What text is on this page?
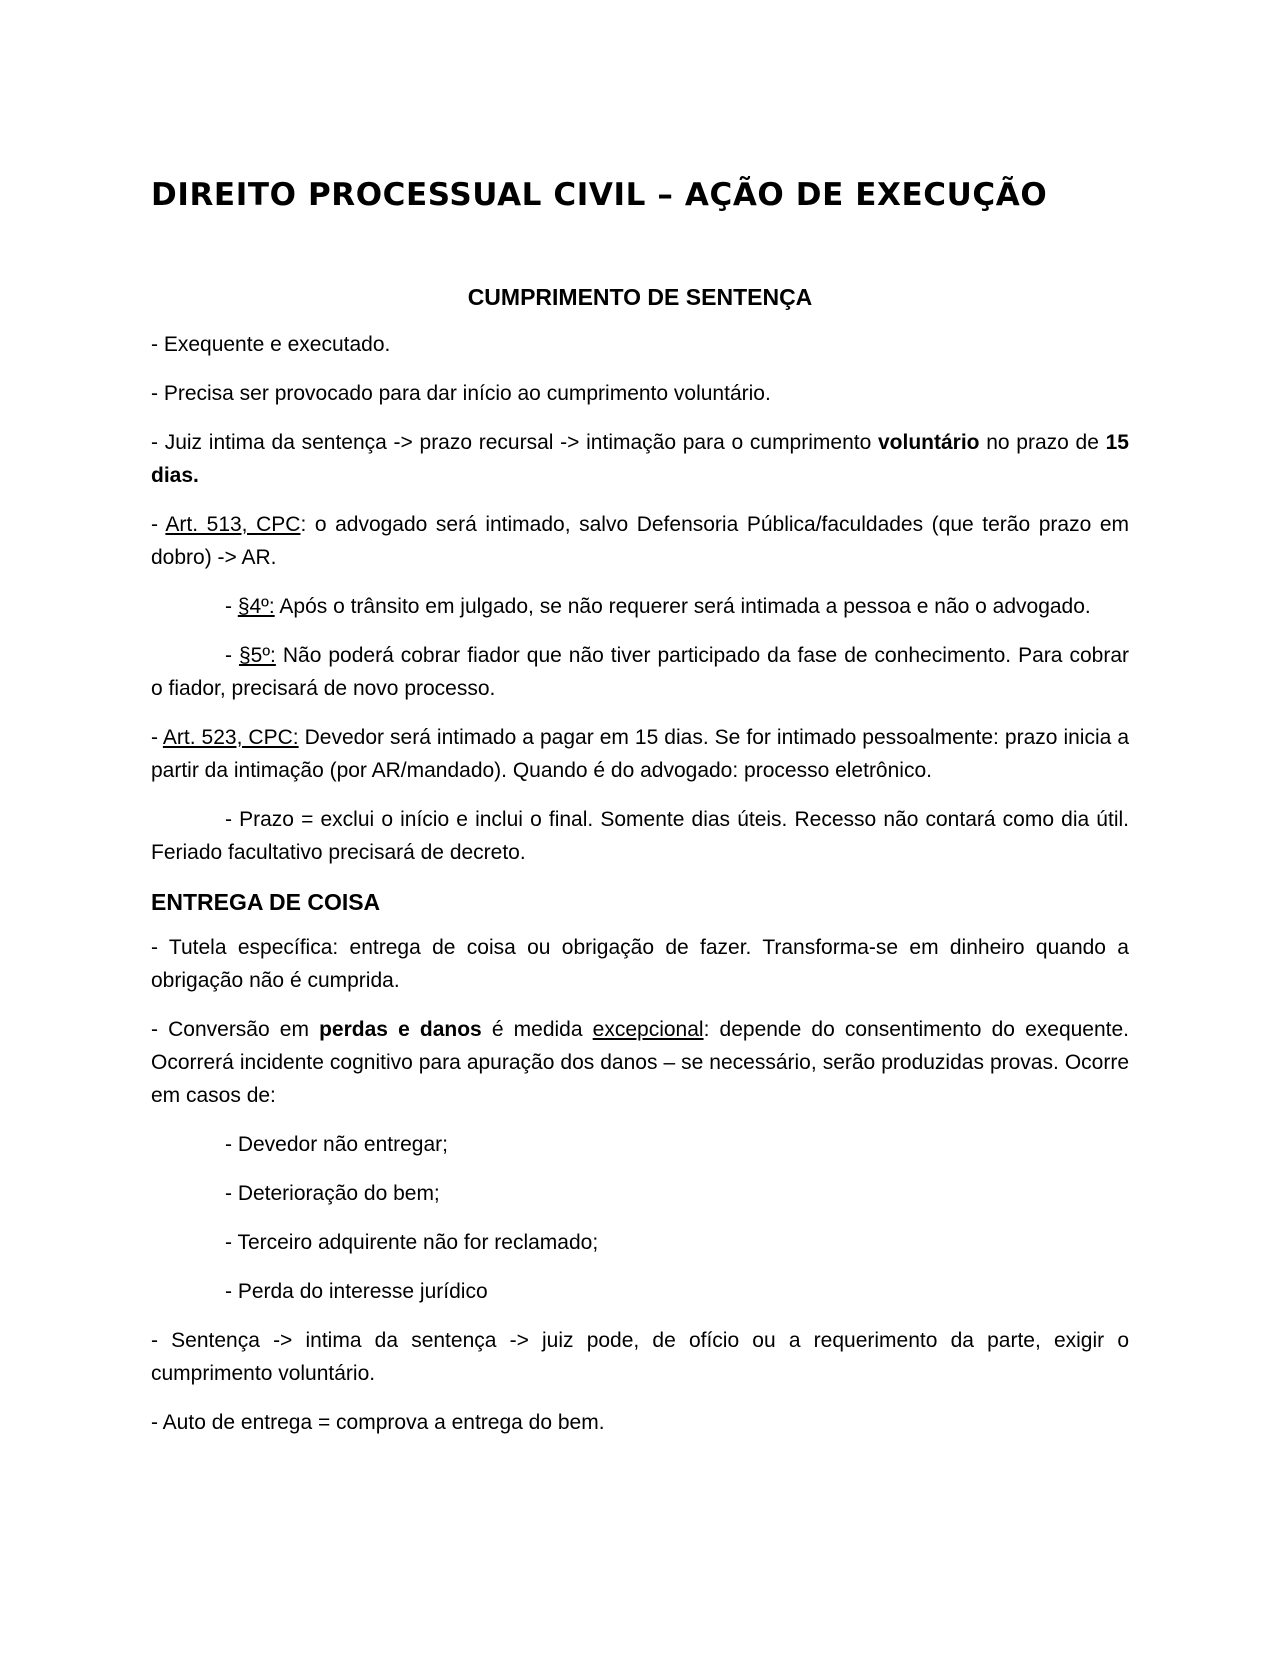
DIREITO PROCESSUAL CIVIL – AÇÃO DE EXECUÇÃO
CUMPRIMENTO DE SENTENÇA

- Exequente e executado.

- Precisa ser provocado para dar início ao cumprimento voluntário.

- Juiz intima da sentença -> prazo recursal -> intimação para o cumprimento voluntário no prazo de 15 dias.

- Art. 513, CPC: o advogado será intimado, salvo Defensoria Pública/faculdades (que terão prazo em dobro) -> AR.

- §4º: Após o trânsito em julgado, se não requerer será intimada a pessoa e não o advogado.

- §5º: Não poderá cobrar fiador que não tiver participado da fase de conhecimento. Para cobrar o fiador, precisará de novo processo.

- Art. 523, CPC: Devedor será intimado a pagar em 15 dias. Se for intimado pessoalmente: prazo inicia a partir da intimação (por AR/mandado). Quando é do advogado: processo eletrônico.

- Prazo = exclui o início e inclui o final. Somente dias úteis. Recesso não contará como dia útil. Feriado facultativo precisará de decreto.

ENTREGA DE COISA

- Tutela específica: entrega de coisa ou obrigação de fazer. Transforma-se em dinheiro quando a obrigação não é cumprida.

- Conversão em perdas e danos é medida excepcional: depende do consentimento do exequente. Ocorrerá incidente cognitivo para apuração dos danos – se necessário, serão produzidas provas. Ocorre em casos de:

- Devedor não entregar;

- Deterioração do bem;

- Terceiro adquirente não for reclamado;

- Perda do interesse jurídico

- Sentença -> intima da sentença -> juiz pode, de ofício ou a requerimento da parte, exigir o cumprimento voluntário.

- Auto de entrega = comprova a entrega do bem.
